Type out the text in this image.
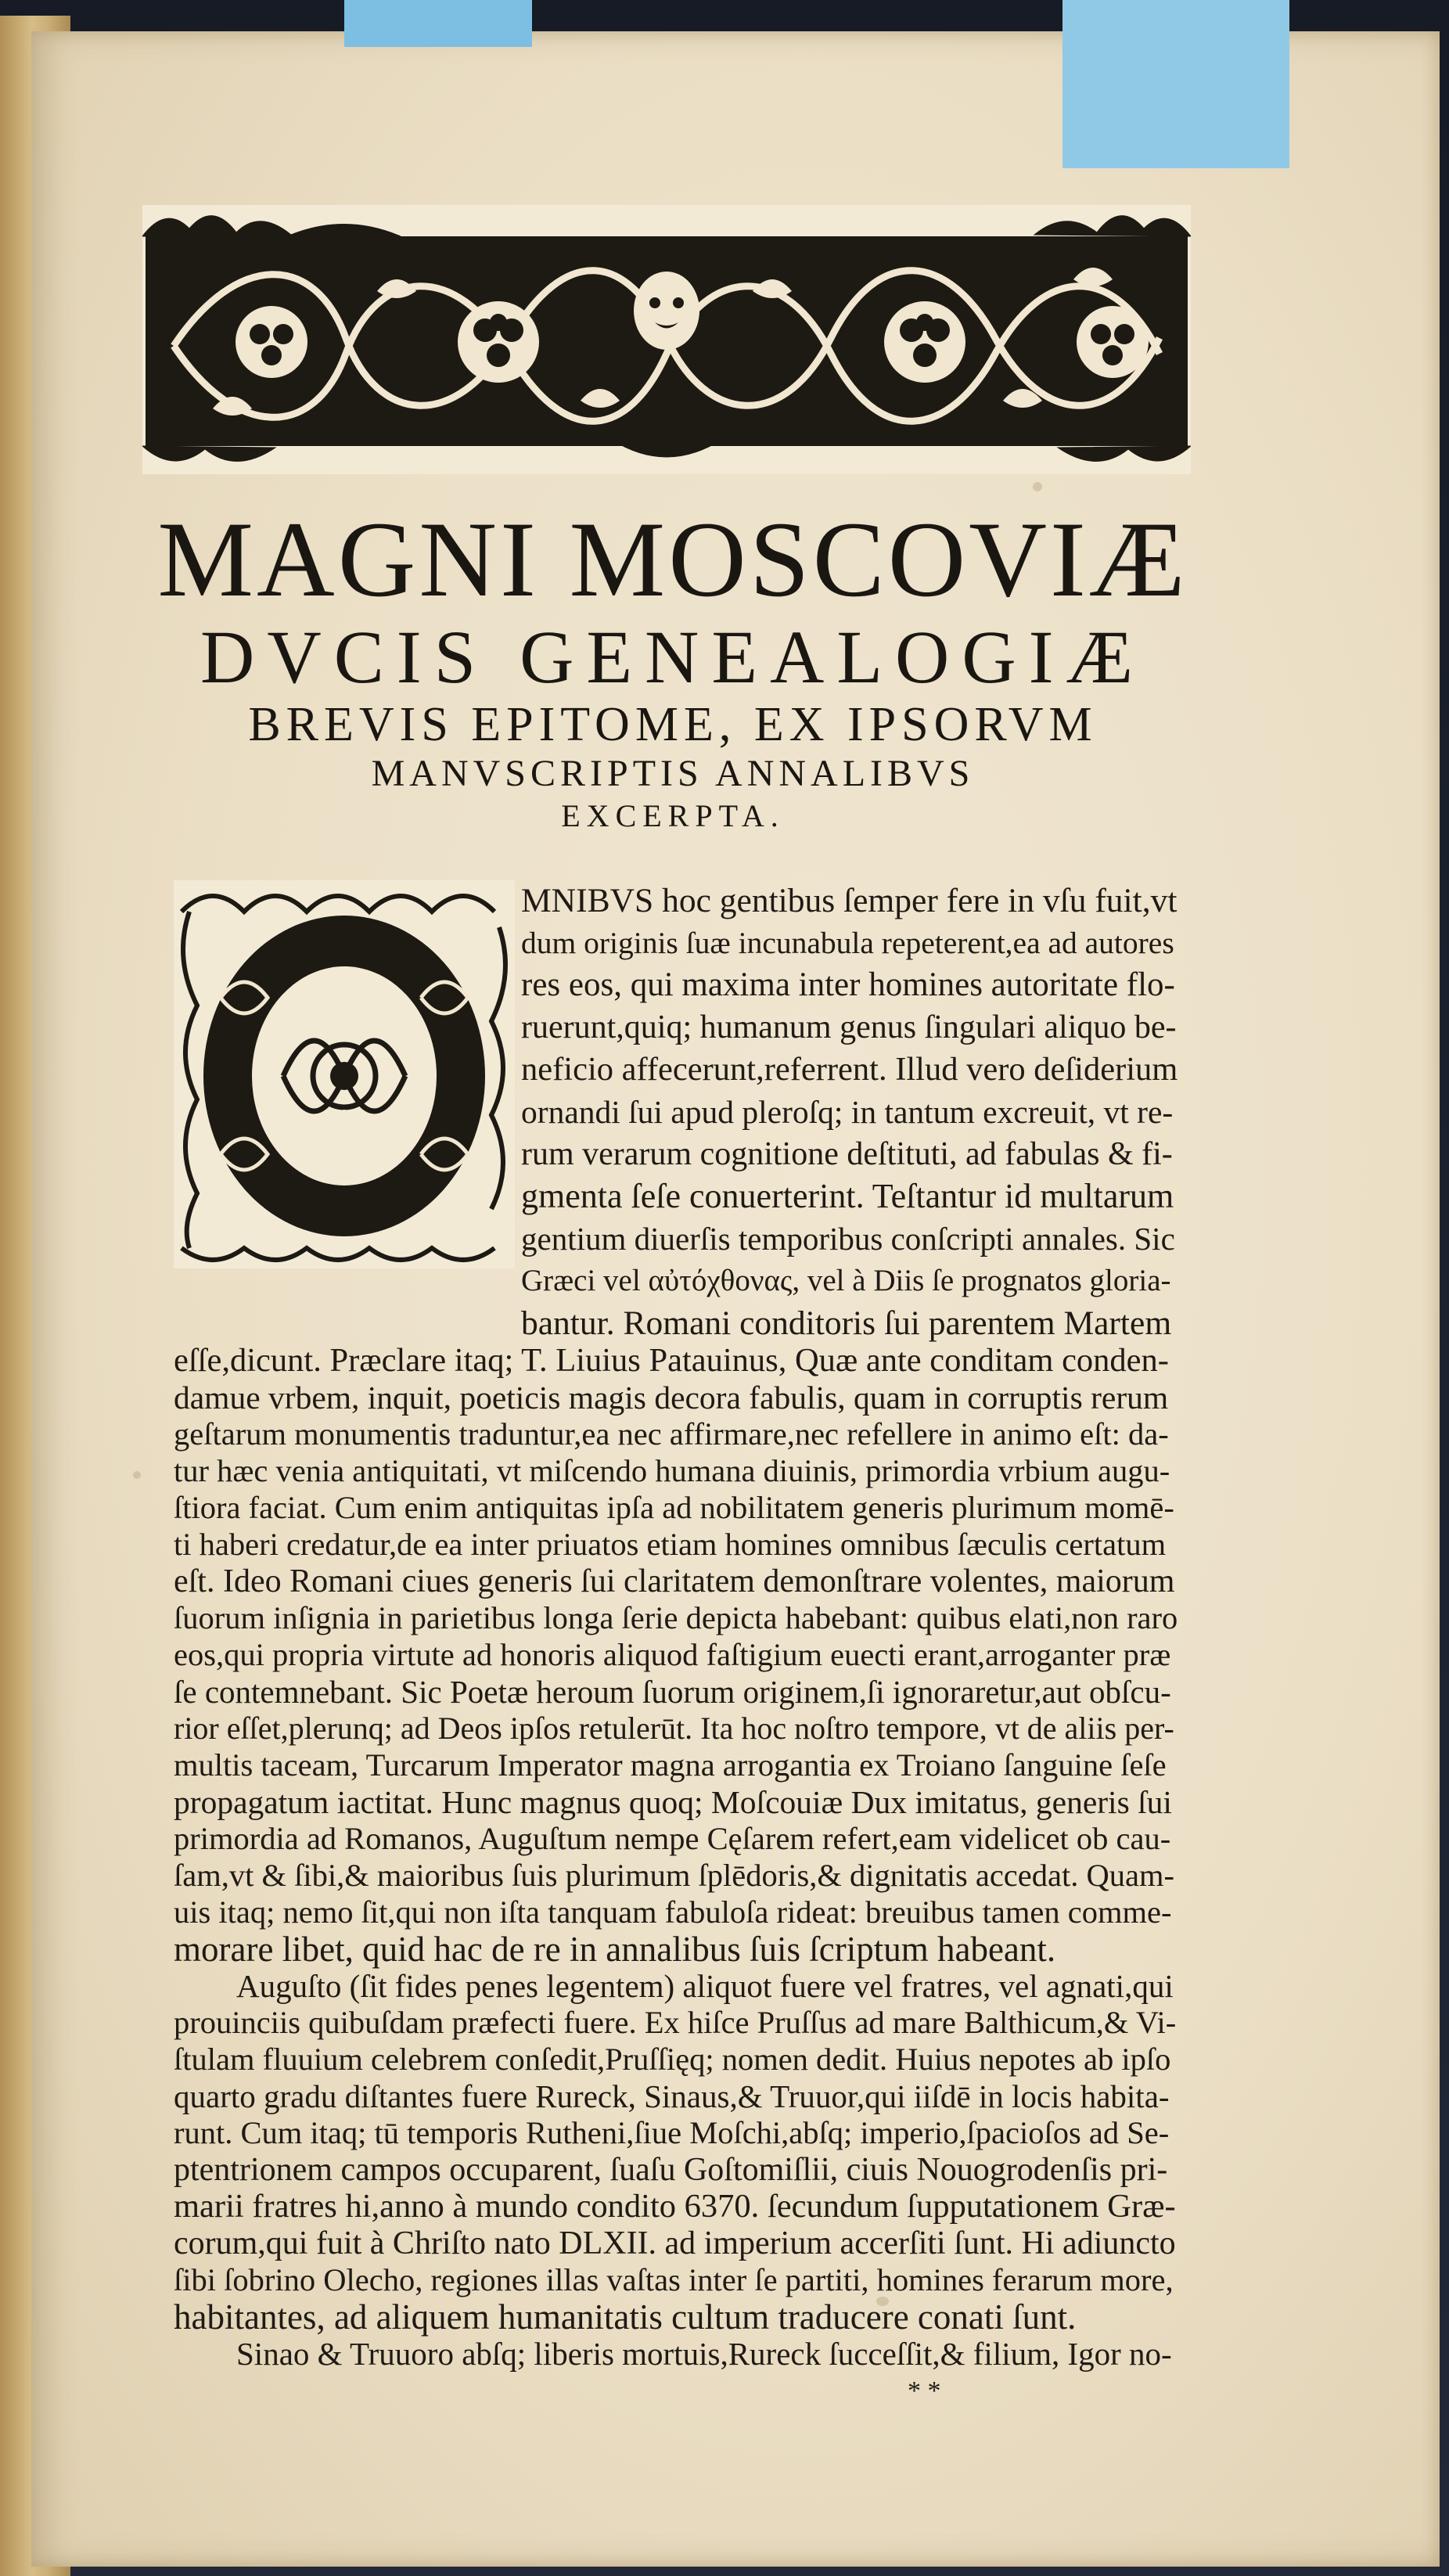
MAGNI MOSCOVIÆ
DVCIS GENEALOGIÆ
BREVIS EPITOME, EX IPSORVM
MANVSCRIPTIS ANNALIBVS
EXCERPTA.
O

MNIBVS hoc gentibus ſemper fere in vſu fuit,vt

dum originis ſuæ incunabula repeterent,ea ad autores

res eos, qui maxima inter homines autoritate flo-

ruerunt,quiq; humanum genus ſingulari aliquo be-

neficio affecerunt,referrent. Illud vero deſiderium

ornandi ſui apud pleroſq; in tantum excreuit, vt re-

rum verarum cognitione deſtituti, ad fabulas & fi-

gmenta ſeſe conuerterint. Teſtantur id multarum

gentium diuerſis temporibus conſcripti annales. Sic

Græci vel αὐτόχθονας, vel à Diis ſe prognatos gloria-

bantur. Romani conditoris ſui parentem Martem

eſſe,dicunt. Præclare itaq; T. Liuius Patauinus, Quæ ante conditam conden-

damue vrbem, inquit, poeticis magis decora fabulis, quam in corruptis rerum

geſtarum monumentis traduntur,ea nec affirmare,nec refellere in animo eſt: da-

tur hæc venia antiquitati, vt miſcendo humana diuinis, primordia vrbium augu-

ſtiora faciat. Cum enim antiquitas ipſa ad nobilitatem generis plurimum momē-

ti haberi credatur,de ea inter priuatos etiam homines omnibus ſæculis certatum

eſt. Ideo Romani ciues generis ſui claritatem demonſtrare volentes, maiorum

ſuorum inſignia in parietibus longa ſerie depicta habebant: quibus elati,non raro

eos,qui propria virtute ad honoris aliquod faſtigium euecti erant,arroganter præ

ſe contemnebant. Sic Poetæ heroum ſuorum originem,ſi ignoraretur,aut obſcu-

rior eſſet,plerunq; ad Deos ipſos retulerūt. Ita hoc noſtro tempore, vt de aliis per-

multis taceam, Turcarum Imperator magna arrogantia ex Troiano ſanguine ſeſe

propagatum iactitat. Hunc magnus quoq; Moſcouiæ Dux imitatus, generis ſui

primordia ad Romanos, Auguſtum nempe Cęſarem refert,eam videlicet ob cau-

ſam,vt & ſibi,& maioribus ſuis plurimum ſplēdoris,& dignitatis accedat. Quam-

uis itaq; nemo ſit,qui non iſta tanquam fabuloſa rideat: breuibus tamen comme-

morare libet, quid hac de re in annalibus ſuis ſcriptum habeant.

Auguſto (ſit fides penes legentem) aliquot fuere vel fratres, vel agnati,qui

prouinciis quibuſdam præfecti fuere. Ex hiſce Pruſſus ad mare Balthicum,& Vi-

ſtulam fluuium celebrem conſedit,Pruſſięq; nomen dedit. Huius nepotes ab ipſo

quarto gradu diſtantes fuere Rureck, Sinaus,& Truuor,qui iiſdē in locis habita-

runt. Cum itaq; tū temporis Rutheni,ſiue Moſchi,abſq; imperio,ſpacioſos ad Se-

ptentrionem campos occuparent, ſuaſu Goſtomiſlii, ciuis Nouogrodenſis pri-

marii fratres hi,anno à mundo condito 6370. ſecundum ſupputationem Græ-

corum,qui fuit à Chriſto nato DLXII. ad imperium accerſiti ſunt. Hi adiuncto

ſibi ſobrino Olecho, regiones illas vaſtas inter ſe partiti, homines ferarum more,

habitantes, ad aliquem humanitatis cultum traducere conati ſunt.

Sinao & Truuoro abſq; liberis mortuis,Rureck ſucceſſit,& filium, Igor no-

* *
